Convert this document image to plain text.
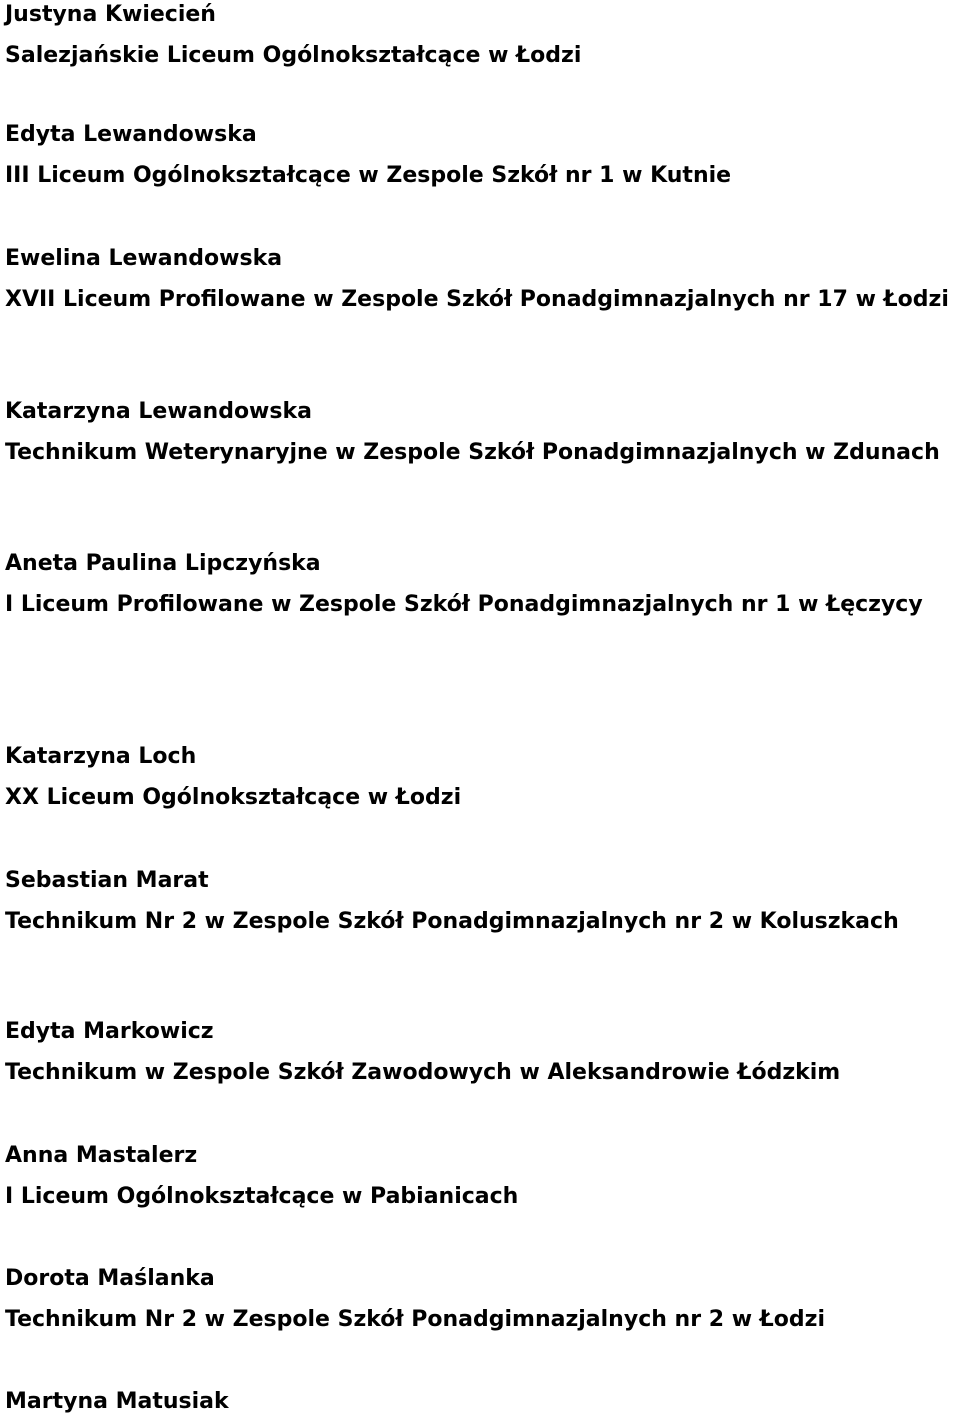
Justyna Kwiecień
Salezjańskie Liceum Ogólnokształcące w Łodzi
Edyta Lewandowska
III Liceum Ogólnokształcące w Zespole Szkół nr 1 w Kutnie
Ewelina Lewandowska
XVII Liceum Profilowane w Zespole Szkół Ponadgimnazjalnych nr 17 w Łodzi
Katarzyna Lewandowska
Technikum Weterynaryjne w Zespole Szkół Ponadgimnazjalnych w Zdunach
Aneta Paulina Lipczyńska
I Liceum Profilowane w Zespole Szkół Ponadgimnazjalnych nr 1 w Łęczycy
Katarzyna Loch
XX Liceum Ogólnokształcące w Łodzi
Sebastian Marat
Technikum Nr 2 w Zespole Szkół Ponadgimnazjalnych nr 2 w Koluszkach
Edyta Markowicz
Technikum w Zespole Szkół Zawodowych w Aleksandrowie Łódzkim
Anna Mastalerz
I Liceum Ogólnokształcące w Pabianicach
Dorota Maślanka
Technikum Nr 2 w Zespole Szkół Ponadgimnazjalnych nr 2 w Łodzi
Martyna Matusiak
